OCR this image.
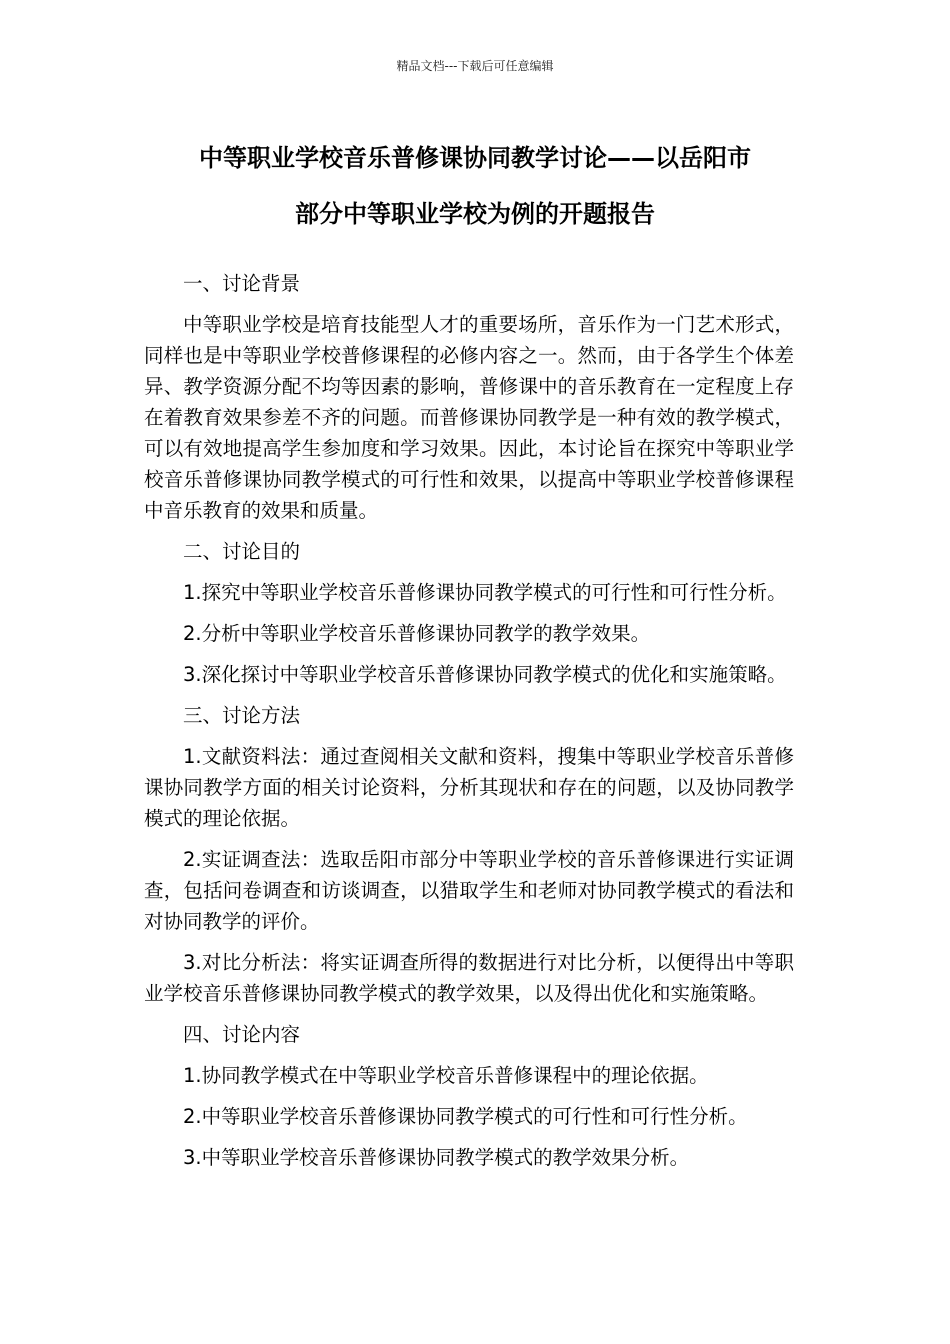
精品文档---下载后可任意编辑
中等职业学校音乐普修课协同教学讨论——以岳阳市
部分中等职业学校为例的开题报告

一、讨论背景

中等职业学校是培育技能型人才的重要场所，音乐作为一门艺术形式，同样也是中等职业学校普修课程的必修内容之一。然而，由于各学生个体差异、教学资源分配不均等因素的影响，普修课中的音乐教育在一定程度上存在着教育效果参差不齐的问题。而普修课协同教学是一种有效的教学模式，可以有效地提高学生参加度和学习效果。因此，本讨论旨在探究中等职业学校音乐普修课协同教学模式的可行性和效果，以提高中等职业学校普修课程中音乐教育的效果和质量。

二、讨论目的

1.探究中等职业学校音乐普修课协同教学模式的可行性和可行性分析。

2.分析中等职业学校音乐普修课协同教学的教学效果。

3.深化探讨中等职业学校音乐普修课协同教学模式的优化和实施策略。

三、讨论方法

1.文献资料法：通过查阅相关文献和资料，搜集中等职业学校音乐普修课协同教学方面的相关讨论资料，分析其现状和存在的问题，以及协同教学模式的理论依据。

2.实证调查法：选取岳阳市部分中等职业学校的音乐普修课进行实证调查，包括问卷调查和访谈调查，以猎取学生和老师对协同教学模式的看法和对协同教学的评价。

3.对比分析法：将实证调查所得的数据进行对比分析，以便得出中等职业学校音乐普修课协同教学模式的教学效果，以及得出优化和实施策略。

四、讨论内容

1.协同教学模式在中等职业学校音乐普修课程中的理论依据。

2.中等职业学校音乐普修课协同教学模式的可行性和可行性分析。

3.中等职业学校音乐普修课协同教学模式的教学效果分析。
